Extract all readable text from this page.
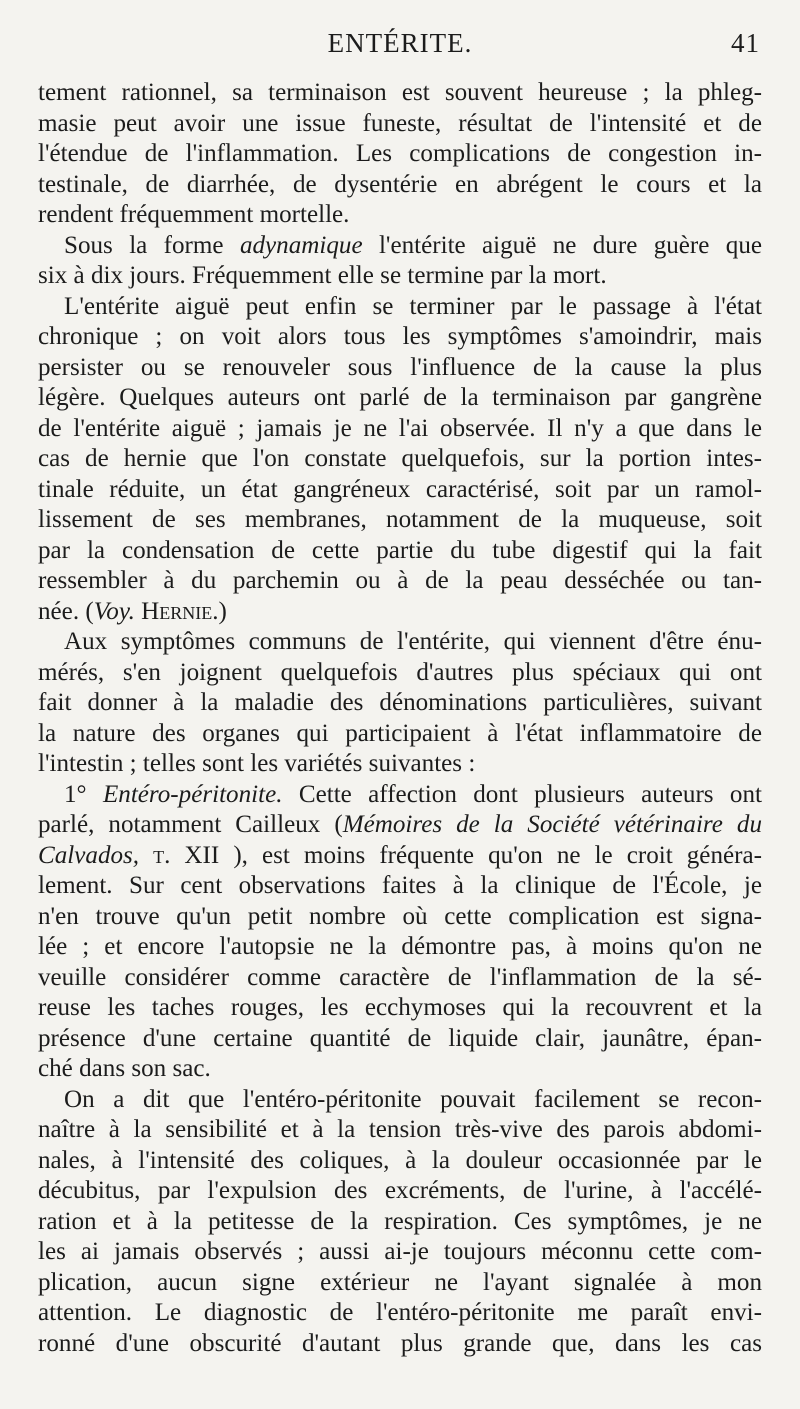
ENTÉRITE.	41
tement rationnel, sa terminaison est souvent heureuse ; la phleg-
masie peut avoir une issue funeste, résultat de l'intensité et de
l'étendue de l'inflammation. Les complications de congestion in-
testinale, de diarrhée, de dysentérie en abrégent le cours et la
rendent fréquemment mortelle.
Sous la forme adynamique l'entérite aiguë ne dure guère que
six à dix jours. Fréquemment elle se termine par la mort.
L'entérite aiguë peut enfin se terminer par le passage à l'état
chronique ; on voit alors tous les symptômes s'amoindrir, mais
persister ou se renouveler sous l'influence de la cause la plus
légère. Quelques auteurs ont parlé de la terminaison par gangrène
de l'entérite aiguë ; jamais je ne l'ai observée. Il n'y a que dans le
cas de hernie que l'on constate quelquefois, sur la portion intes-
tinale réduite, un état gangréneux caractérisé, soit par un ramol-
lissement de ses membranes, notamment de la muqueuse, soit
par la condensation de cette partie du tube digestif qui la fait
ressembler à du parchemin ou à de la peau desséchée ou tan-
née. (Voy. Hernie.)
Aux symptômes communs de l'entérite, qui viennent d'être énu-
mérés, s'en joignent quelquefois d'autres plus spéciaux qui ont
fait donner à la maladie des dénominations particulières, suivant
la nature des organes qui participaient à l'état inflammatoire de
l'intestin ; telles sont les variétés suivantes :
1° Entéro-péritonite. Cette affection dont plusieurs auteurs ont
parlé, notamment Cailleux (Mémoires de la Société vétérinaire du
Calvados, t. XII ), est moins fréquente qu'on ne le croit généra-
lement. Sur cent observations faites à la clinique de l'École, je
n'en trouve qu'un petit nombre où cette complication est signa-
lée ; et encore l'autopsie ne la démontre pas, à moins qu'on ne
veuille considérer comme caractère de l'inflammation de la sé-
reuse les taches rouges, les ecchymoses qui la recouvrent et la
présence d'une certaine quantité de liquide clair, jaunâtre, épan-
ché dans son sac.
On a dit que l'entéro-péritonite pouvait facilement se recon-
naître à la sensibilité et à la tension très-vive des parois abdomi-
nales, à l'intensité des coliques, à la douleur occasionnée par le
décubitus, par l'expulsion des excréments, de l'urine, à l'accélé-
ration et à la petitesse de la respiration. Ces symptômes, je ne
les ai jamais observés ; aussi ai-je toujours méconnu cette com-
plication, aucun signe extérieur ne l'ayant signalée à mon
attention. Le diagnostic de l'entéro-péritonite me paraît envi-
ronné d'une obscurité d'autant plus grande que, dans les cas
